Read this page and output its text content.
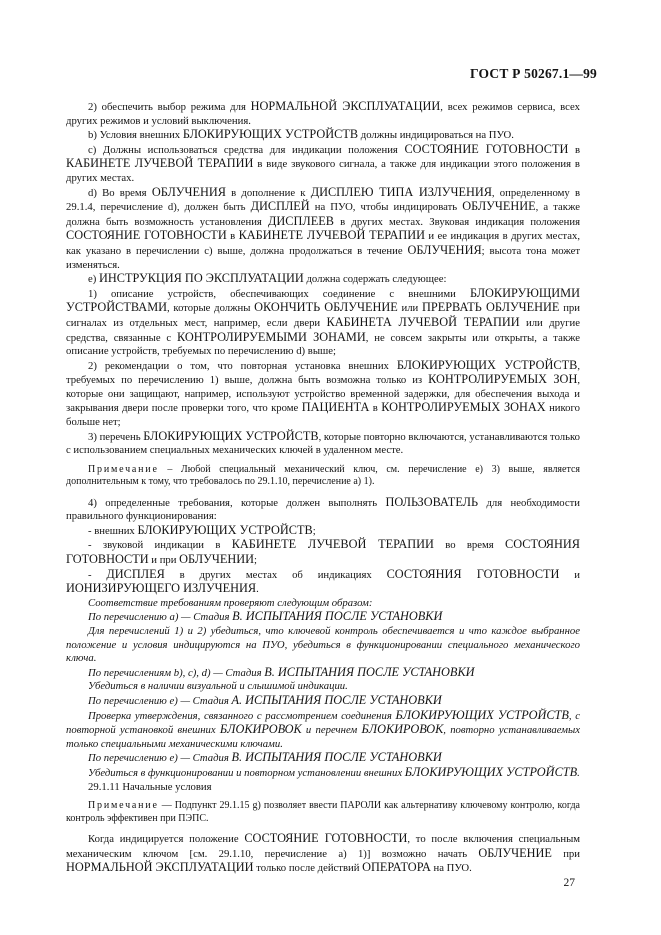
ГОСТ Р 50267.1—99

2) обеспечить выбор режима для НОРМАЛЬНОЙ ЭКСПЛУАТАЦИИ, всех режимов сервиса, всех других режимов и условий выключения.

b) Условия внешних БЛОКИРУЮЩИХ УСТРОЙСТВ должны индицироваться на ПУО.

c) Должны использоваться средства для индикации положения СОСТОЯНИЕ ГОТОВНОСТИ в КАБИНЕТЕ ЛУЧЕВОЙ ТЕРАПИИ в виде звукового сигнала, а также для индикации этого положения в других местах.

d) Во время ОБЛУЧЕНИЯ в дополнение к ДИСПЛЕЮ ТИПА ИЗЛУЧЕНИЯ, определенному в 29.1.4, перечисление d), должен быть ДИСПЛЕЙ на ПУО, чтобы индицировать ОБЛУЧЕНИЕ, а также должна быть возможность установления ДИСПЛЕЕВ в других местах. Звуковая индикация положения СОСТОЯНИЕ ГОТОВНОСТИ в КАБИНЕТЕ ЛУЧЕВОЙ ТЕРАПИИ и ее индикация в других местах, как указано в перечислении c) выше, должна продолжаться в течение ОБЛУЧЕНИЯ; высота тона может изменяться.

e) ИНСТРУКЦИЯ ПО ЭКСПЛУАТАЦИИ должна содержать следующее:

1) описание устройств, обеспечивающих соединение с внешними БЛОКИРУЮЩИМИ УСТРОЙСТВАМИ, которые должны ОКОНЧИТЬ ОБЛУЧЕНИЕ или ПРЕРВАТЬ ОБЛУЧЕНИЕ при сигналах из отдельных мест, например, если двери КАБИНЕТА ЛУЧЕВОЙ ТЕРАПИИ или другие средства, связанные с КОНТРОЛИРУЕМЫМИ ЗОНАМИ, не совсем закрыты или открыты, а также описание устройств, требуемых по перечислению d) выше;

2) рекомендации о том, что повторная установка внешних БЛОКИРУЮЩИХ УСТРОЙСТВ, требуемых по перечислению 1) выше, должна быть возможна только из КОНТРОЛИРУЕМЫХ ЗОН, которые они защищают, например, используют устройство временной задержки, для обеспечения выхода и закрывания двери после проверки того, что кроме ПАЦИЕНТА в КОНТРОЛИРУЕМЫХ ЗОНАХ никого больше нет;

3) перечень БЛОКИРУЮЩИХ УСТРОЙСТВ, которые повторно включаются, устанавливаются только с использованием специальных механических ключей в удаленном месте.

Примечание – Любой специальный механический ключ, см. перечисление e) 3) выше, является дополнительным к тому, что требовалось по 29.1.10, перечисление a) 1).

4) определенные требования, которые должен выполнять ПОЛЬЗОВАТЕЛЬ для необходимости правильного функционирования:

- внешних БЛОКИРУЮЩИХ УСТРОЙСТВ;

- звуковой индикации в КАБИНЕТЕ ЛУЧЕВОЙ ТЕРАПИИ во время СОСТОЯНИЯ ГОТОВНОСТИ и при ОБЛУЧЕНИИ;

- ДИСПЛЕЯ в других местах об индикациях СОСТОЯНИЯ ГОТОВНОСТИ и ИОНИЗИРУЮЩЕГО ИЗЛУЧЕНИЯ.

Соответствие требованиям проверяют следующим образом:

По перечислению a) — Стадия В. ИСПЫТАНИЯ ПОСЛЕ УСТАНОВКИ

Для перечислений 1) и 2) убедиться, что ключевой контроль обеспечивается и что каждое выбранное положение и условия индицируются на ПУО, убедиться в функционировании специального механического ключа.

По перечислениям b), c), d) — Стадия В. ИСПЫТАНИЯ ПОСЛЕ УСТАНОВКИ

Убедиться в наличии визуальной и слышимой индикации.

По перечислению e) — Стадия А. ИСПЫТАНИЯ ПОСЛЕ УСТАНОВКИ

Проверка утверждения, связанного с рассмотрением соединения БЛОКИРУЮЩИХ УСТРОЙСТВ, с повторной установкой внешних БЛОКИРОВОК и перечнем БЛОКИРОВОК, повторно устанавливаемых только специальными механическими ключами.

По перечислению e) — Стадия В. ИСПЫТАНИЯ ПОСЛЕ УСТАНОВКИ

Убедиться в функционировании и повторном установлении внешних БЛОКИРУЮЩИХ УСТРОЙСТВ.

29.1.11 Начальные условия

Примечание — Подпункт 29.1.15 g) позволяет ввести ПАРОЛИ как альтернативу ключевому контролю, когда контроль эффективен при ПЭПС.

Когда индицируется положение СОСТОЯНИЕ ГОТОВНОСТИ, то после включения специальным механическим ключом [см. 29.1.10, перечисление a) 1)] возможно начать ОБЛУЧЕНИЕ при НОРМАЛЬНОЙ ЭКСПЛУАТАЦИИ только после действий ОПЕРАТОРА на ПУО.

27
